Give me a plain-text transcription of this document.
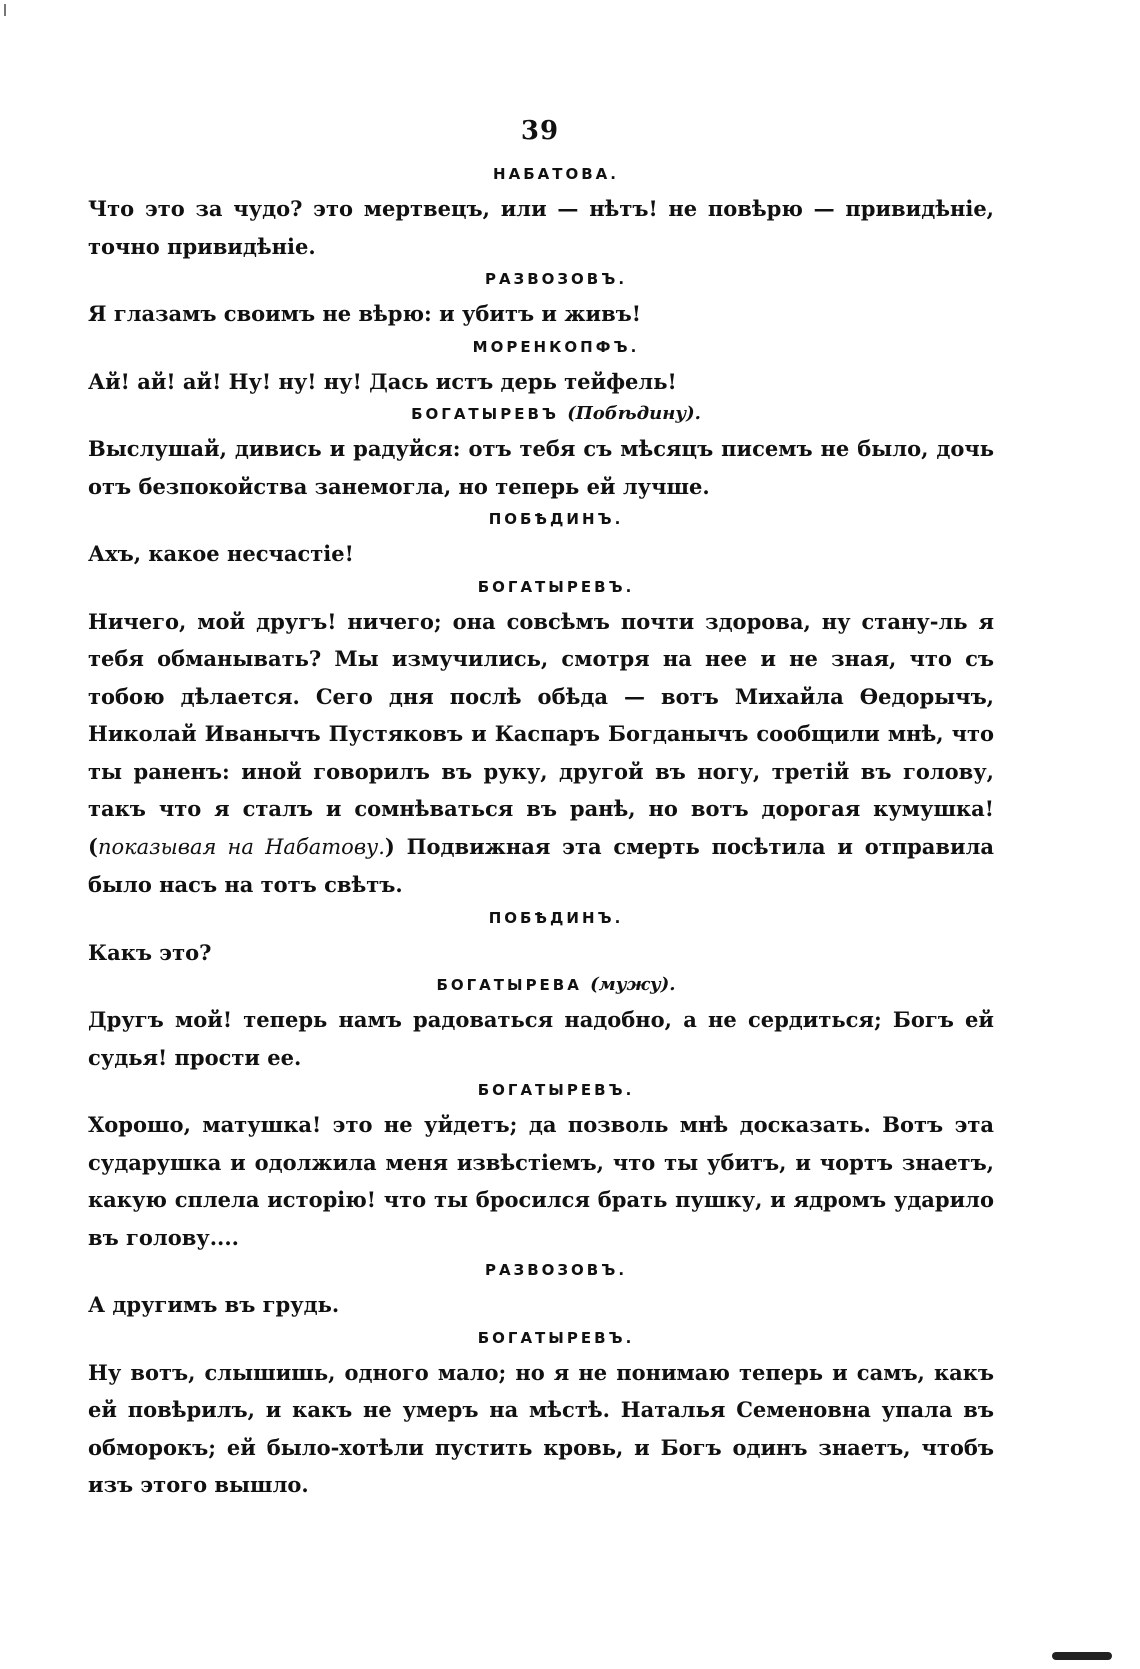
39
НАБАТОВА.

Что это за чудо? это мертвецъ, или — нѣтъ! не повѣрю — привидѣніе, точно привидѣніе.

РАЗВОЗОВЪ.

Я глазамъ своимъ не вѣрю: и убитъ и живъ!

МОРЕНКОПФЪ.

Ай! ай! ай! Ну! ну! ну! Дась истъ дерь тейфель!

БОГАТЫРЕВЪ (Побѣдину).

Выслушай, дивись и радуйся: отъ тебя съ мѣсяцъ писемъ не было, дочь отъ безпокойства занемогла, но теперь ей лучше.

ПОБѢДИНЪ.

Ахъ, какое несчастіе!

БОГАТЫРЕВЪ.

Ничего, мой другъ! ничего; она совсѣмъ почти здорова, ну стану-ль я тебя обманывать? Мы измучились, смотря на нее и не зная, что съ тобою дѣлается. Сего дня послѣ обѣда — вотъ Михайла Ѳедорычъ, Николай Иванычъ Пустяковъ и Каспаръ Богданычъ сообщили мнѣ, что ты раненъ: иной говорилъ въ руку, другой въ ногу, третій въ голову, такъ что я сталъ и сомнѣваться въ ранѣ, но вотъ дорогая кумушка! (показывая на Набатову.) Подвижная эта смерть посѣтила и отправила было насъ на тотъ свѣтъ.

ПОБѢДИНЪ.

Какъ это?

БОГАТЫРЕВА (мужу).

Другъ мой! теперь намъ радоваться надобно, а не сердиться; Богъ ей судья! прости ее.

БОГАТЫРЕВЪ.

Хорошо, матушка! это не уйдетъ; да позволь мнѣ досказать. Вотъ эта сударушка и одолжила меня извѣстіемъ, что ты убитъ, и чортъ знаетъ, какую сплела исторію! что ты бросился брать пушку, и ядромъ ударило въ голову....

РАЗВОЗОВЪ.

А другимъ въ грудь.

БОГАТЫРЕВЪ.

Ну вотъ, слышишь, одного мало; но я не понимаю теперь и самъ, какъ ей повѣрилъ, и какъ не умеръ на мѣстѣ. Наталья Семеновна упала въ обморокъ; ей было-хотѣли пустить кровь, и Богъ одинъ знаетъ, чтобъ изъ этого вышло.
